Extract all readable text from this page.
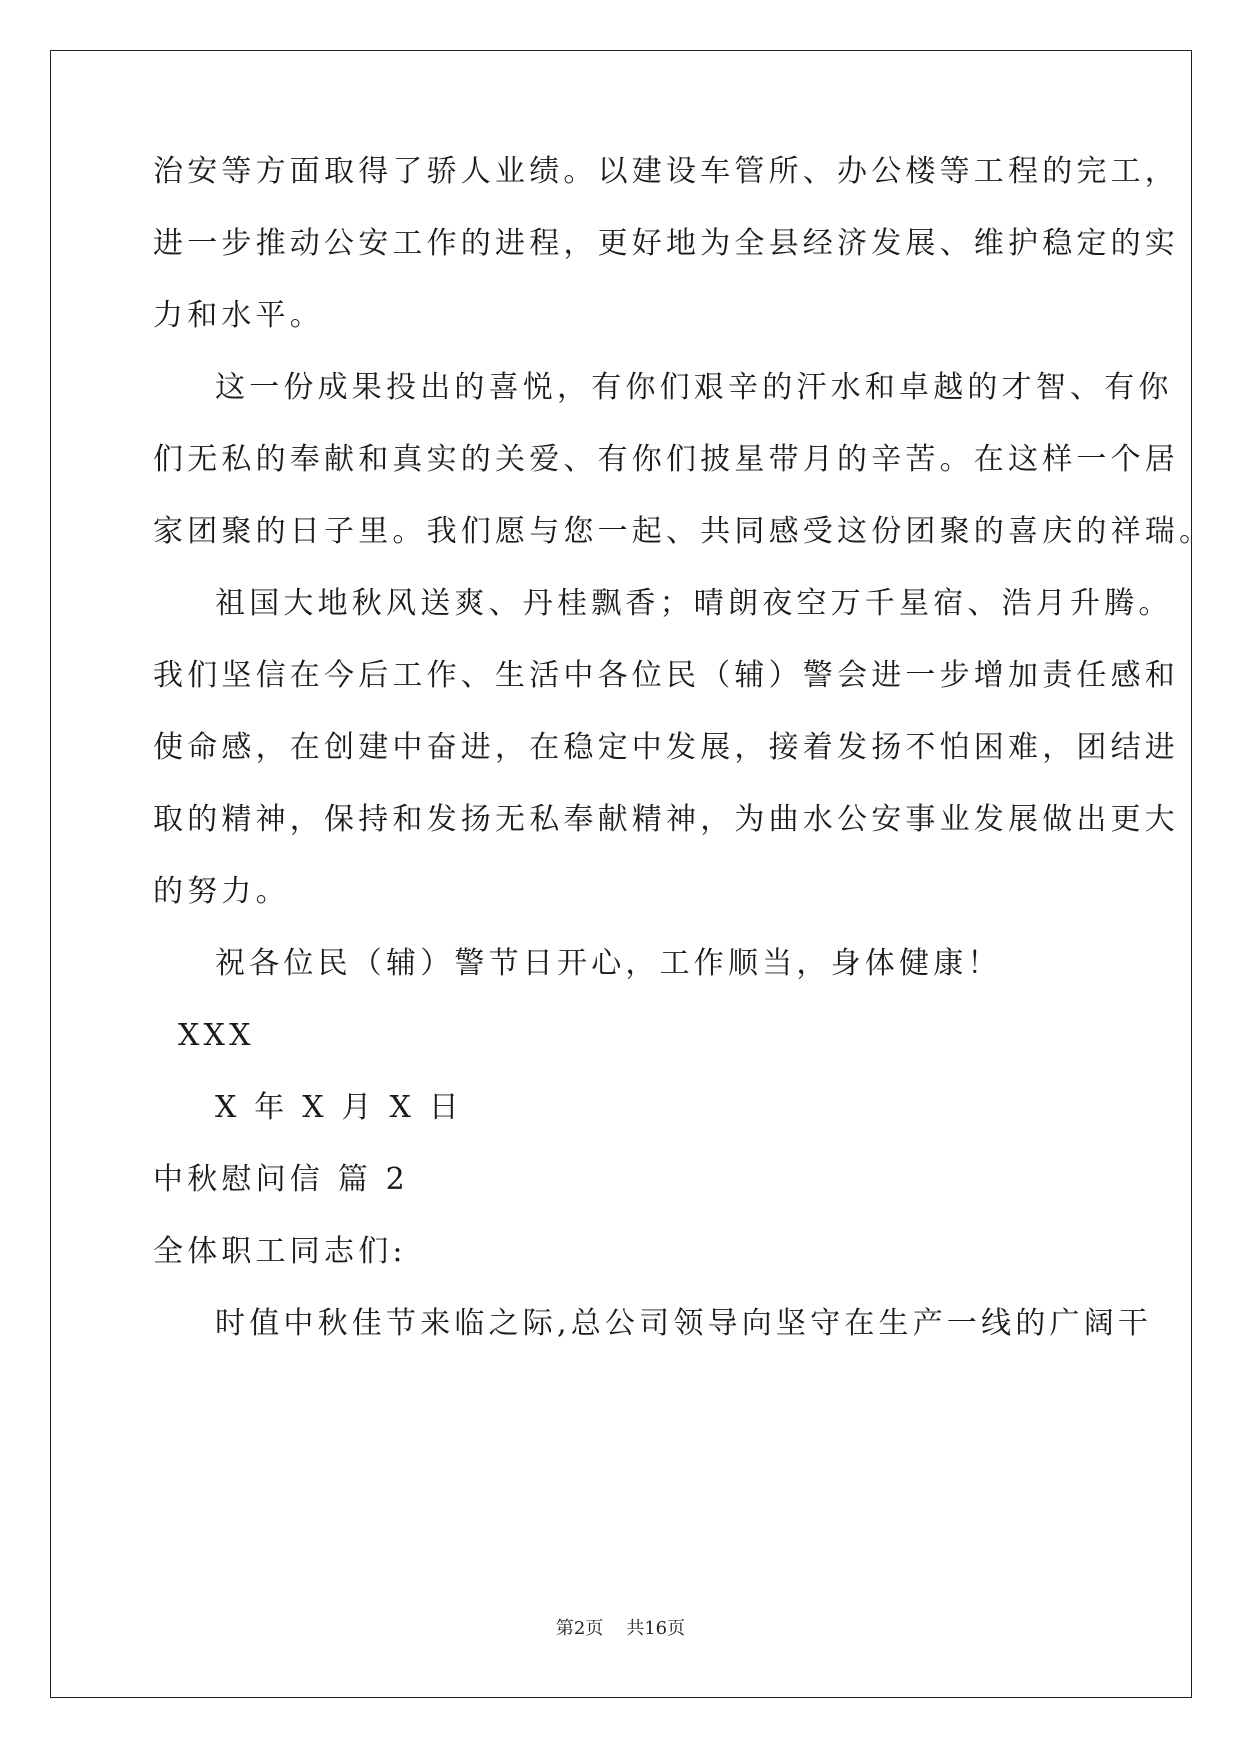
治安等方面取得了骄人业绩。以建设车管所、办公楼等工程的完工，
进一步推动公安工作的进程，更好地为全县经济发展、维护稳定的实
力和水平。
这一份成果投出的喜悦，有你们艰辛的汗水和卓越的才智、有你
们无私的奉献和真实的关爱、有你们披星带月的辛苦。在这样一个居
家团聚的日子里。我们愿与您一起、共同感受这份团聚的喜庆的祥瑞。
祖国大地秋风送爽、丹桂飘香；晴朗夜空万千星宿、浩月升腾。
我们坚信在今后工作、生活中各位民（辅）警会进一步增加责任感和
使命感，在创建中奋进，在稳定中发展，接着发扬不怕困难，团结进
取的精神，保持和发扬无私奉献精神，为曲水公安事业发展做出更大
的努力。
祝各位民（辅）警节日开心，工作顺当，身体健康！
XXX
X 年 X 月 X 日
中秋慰问信 篇 2
全体职工同志们:
时值中秋佳节来临之际,总公司领导向坚守在生产一线的广阔干
第2页    共16页
